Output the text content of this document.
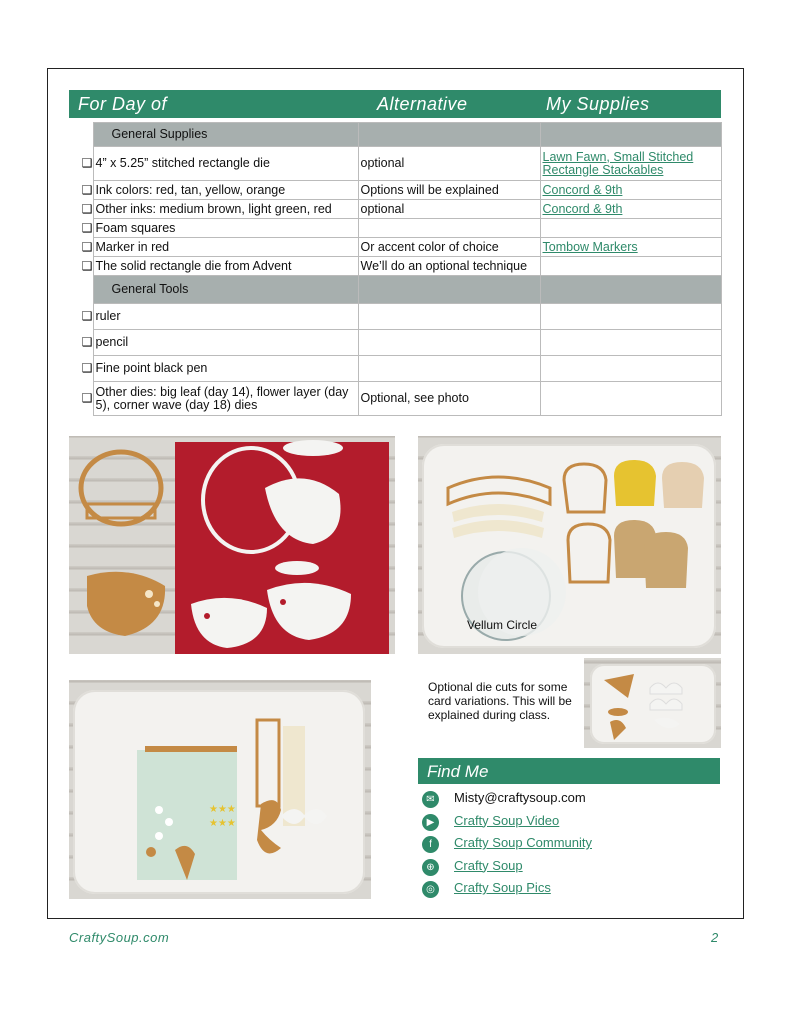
For Day of	Alternative	My Supplies
	General Supplies		
❑	4” x 5.25” stitched rectangle die	optional	Lawn Fawn, Small Stitched Rectangle Stackables
❑	Ink colors: red, tan, yellow, orange	Options will be explained	Concord & 9th
❑	Other inks: medium brown, light green, red	optional	Concord & 9th
❑	Foam squares		
❑	Marker in red	Or accent color of choice	Tombow Markers
❑	The solid rectangle die from Advent	We’ll do an optional technique	
	General Tools		
❑	ruler		
❑	pencil		
❑	Fine point black pen		
❑	Other dies: big leaf (day 14), flower layer (day 5), corner wave (day 18) dies	Optional, see photo	
Vellum Circle
★★★
★★★
Optional die cuts for some card variations. This will be explained during class.
Find Me
✉	Misty@craftysoup.com
▶	Crafty Soup Video
f	Crafty Soup Community
⊕	Crafty Soup
◎	Crafty Soup Pics
CraftySoup.com	2
